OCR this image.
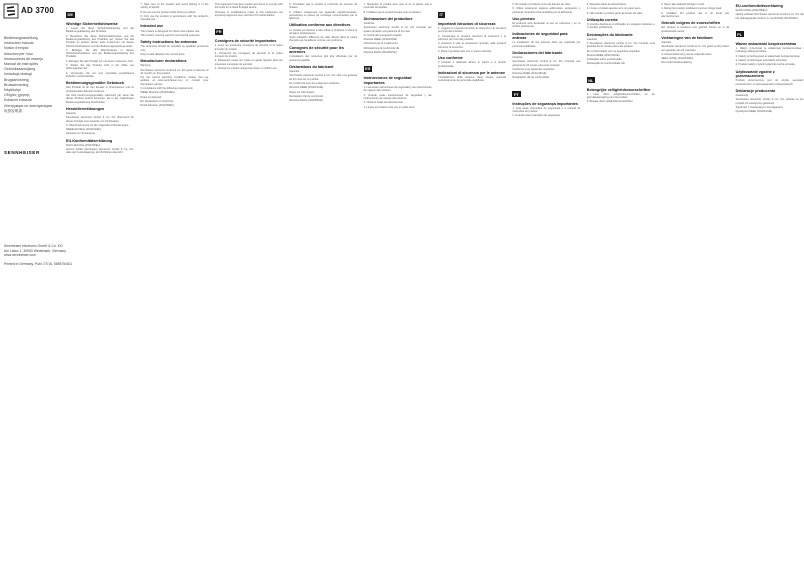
AD 3700
Bedienungsanleitung
Instruction manual
Notice d'emploi
Istruzioni per l'uso
Instrucciones de manejo
Manual de instruções
Gebruiksaanwijzing
Instrukcja obsługi
Brugsanvisning
Bruksanvisning
Käyttöohje
Οδηγίες χρήσης
Kullanım kılavuzu
Инструкция по эксплуатации
取扱説明書
SENNHEISER
Sennheiser electronic GmbH & Co. KG
Am Labor 1, 30900 Wedemark, Germany
www.sennheiser.com

Printed in Germany, Publ. 07/16, 565570/A01
DE
Wichtige Sicherheitshinweise
1. Lesen Sie diese Sicherheitshinweise und die Bedienungsanleitung des Produkts.
2. Bewahren Sie diese Sicherheitshinweise und die Bedienungsanleitung des Produkts auf. Geben Sie das Produkt an andere Nutzer stets zusammen mit diesen Sicherheitshinweisen und der Bedienungsanleitung weiter.
3. Befolgen Sie alle Warnhinweise in diesen Sicherheitshinweisen und der Bedienungsanleitung des Produkts.
4. Reinigen Sie das Produkt nur mit einem trockenen Tuch.
5. Stellen Sie das Produkt nicht in der Nähe von Wärmequellen auf.
6. Verwenden Sie nur vom Hersteller empfohlenes Zubehör und Ersatzteile.
Bestimmungsgemäßer Gebrauch
Das Produkt ist für den Einsatz in Innenräumen und im professionellen Bereich bestimmt.
Als nicht bestimmungsgemäßer Gebrauch gilt, wenn Sie dieses Produkt anders benutzen, als in der zugehörigen Bedienungsanleitung beschrieben.
Herstellererklärungen
Garantie
Sennheiser electronic GmbH & Co. KG übernimmt für dieses Produkt eine Garantie von 24 Monaten.
In Übereinstimmung mit den folgenden Anforderungen
WEEE-Richtlinie (2012/19/EU)
Hinweise zur Entsorgung
EU-Konformitätserklärung
RoHS-Richtlinie (2011/65/EU)
Hiermit erklärt Sennheiser electronic GmbH & Co. KG, dass der Funkanlagentyp der Richtlinie entspricht.
7. Take care of the product and avoid placing it in the vicinity of liquids.
8. Do not use the product while driving a vehicle.
9. Only use the product in accordance with the product's intended use.
Intended use
The product is designed for indoor and outdoor use.
The product must be used for commercial purposes.
Safety instructions for antennas
The antennas should be installed by qualified personnel only.
Keep a safe distance from power lines.
Manufacturer declarations
Warranty
Sennheiser electronic GmbH & Co. KG gives a warranty of 24 months on this product.
For the current warranty conditions, please visit our website at www.sennheiser.com or contact your Sennheiser partner.
In compliance with the following requirements
WEEE Directive (2012/19/EU)
Notes on disposal
EU Declaration of conformity
RoHS Directive (2011/65/EU)
This equipment has been tested and found to comply with the limits for a Class B digital device.
Changes or modifications made to this equipment not expressly approved may void the FCC authorization.
FR
Consignes de sécurité importantes
1. Lisez les présentes consignes de sécurité et la notice d'emploi du produit.
2. Conservez les consignes de sécurité et la notice d'emploi du produit.
3. Respectez toutes les mises en garde figurant dans les présentes consignes de sécurité.
4. Nettoyez le produit uniquement avec un chiffon sec.
5. N'installez pas le produit à proximité de sources de chaleur.
6. Utilisez uniquement les appareils supplémentaires, accessoires et pièces de rechange recommandés par le fabricant.
Utilisation conforme aux directives
Le produit est destiné à être utilisé à l'intérieur et dans le domaine professionnel.
Toute utilisation différente de celle décrite dans la notice d'emploi est considérée comme non conforme.
Consignes de sécurité pour les antennes
L'installation des antennes doit être effectuée par du personnel qualifié.
Déclarations du fabricant
Garantie
Sennheiser electronic GmbH & Co. KG offre une garantie de 24 mois sur ce produit.
En conformité avec les exigences suivantes
Directive DEEE (2012/19/UE)
Notes sur l'élimination
Déclaration UE de conformité
Directive RoHS (2011/65/UE)
7. Manipulez le produit avec soin et ne le placez pas à proximité de liquides.
8. N'utilisez pas le produit lorsque vous conduisez.
Dichiarazioni del produttore
Garanzia
Sennheiser electronic GmbH & Co. KG concede per questo prodotto una garanzia di 24 mesi.
In conformità ai seguenti requisiti
Direttiva RAEE (2012/19/UE)
Indicazioni per lo smaltimento
Dichiarazione di conformità UE
Direttiva RoHS (2011/65/UE)
ES
Instrucciones de seguridad importantes
1. Lea estas instrucciones de seguridad y las instrucciones de manejo del producto.
2. Guarde estas instrucciones de seguridad y las instrucciones de manejo del producto.
3. Observe todas las advertencias.
4. Limpie el producto solo con un paño seco.
IT
Importanti istruzioni di sicurezza
1. Leggere le presenti istruzioni di sicurezza e le istruzioni per l'uso del prodotto.
2. Conservare le presenti istruzioni di sicurezza e le istruzioni per l'uso del prodotto.
3. Attenersi a tutte le avvertenze riportate nelle presenti istruzioni di sicurezza.
4. Pulire il prodotto solo con un panno asciutto.
Uso conforme
Il prodotto è destinato all'uso in interni e in ambito professionale.
Indicazioni di sicurezza per le antenne
L'installazione delle antenne deve essere eseguita esclusivamente da personale qualificato.
5. No instale el producto cerca de fuentes de calor.
6. Utilice solamente equipos adicionales, accesorios y piezas de recambio recomendados por el fabricante.
Uso previsto
El producto está destinado al uso en interiores y en el ámbito profesional.
Indicaciones de seguridad para antenas
La instalación de las antenas debe ser realizada por personal cualificado.
Declaraciones del fabricante
Garantía
Sennheiser electronic GmbH & Co. KG concede una garantía de 24 meses para este producto.
Conforme a los siguientes requisitos
Directiva RAEE (2012/19/UE)
Declaración UE de conformidad
PT
Instruções de segurança importantes
1. Leia estas instruções de segurança e o manual de instruções do produto.
2. Guarde estas instruções de segurança.
3. Respeite todas as advertências.
4. Limpe o produto apenas com um pano seco.
5. Não instale o produto perto de fontes de calor.
Utilização correta
O produto destina-se à utilização em espaços interiores e no âmbito profissional.
Declarações do fabricante
Garantia
A Sennheiser electronic GmbH & Co. KG concede uma garantia de 24 meses para este produto.
Em conformidade com os seguintes requisitos
Diretiva REEE (2012/19/UE)
Indicações sobre a eliminação
Declaração de Conformidade UE
NL
Belangrijke veiligheidsvoorschriften
1. Lees deze veiligheidsvoorschriften en de gebruiksaanwijzing van het product.
2. Bewaar deze veiligheidsvoorschriften.
3. Neem alle waarschuwingen in acht.
4. Reinig het product uitsluitend met een droge doek.
5. Installeer het product niet in de buurt van warmtebronnen.
Gebruik volgens de voorschriften
Het product is bestemd voor gebruik binnen en in de professionele sector.
Verklaringen van de fabrikant
Garantie
Sennheiser electronic GmbH & Co. KG geeft op dit product een garantie van 24 maanden.
In overeenstemming met de volgende eisen
AEEA-richtlijn (2012/19/EU)
EU-conformiteitsverklaring
EU-conformiteitsverklaring
RoHS-richtlijn (2011/65/EU)
Hierbij verklaart Sennheiser electronic GmbH & Co. KG dat het radioapparaat conform is met Richtlijn 2014/53/EU.
PL
Ważne wskazówki bezpieczeństwa
1. Należy przeczytać te wskazówki bezpieczeństwa i instrukcję obsługi produktu.
2. Należy przechowywać te wskazówki bezpieczeństwa.
3. Należy przestrzegać wszystkich ostrzeżeń.
4. Produkt należy czyścić wyłącznie suchą szmatką.
Użytkowanie zgodne z przeznaczeniem
Produkt przeznaczony jest do użytku wewnątrz pomieszczeń i w zastosowaniach profesjonalnych.
Deklaracje producenta
Gwarancja
Sennheiser electronic GmbH & Co. KG udziela na ten produkt 24-miesięcznej gwarancji.
Zgodność z następującymi wymaganiami
Dyrektywa WEEE (2012/19/UE)
